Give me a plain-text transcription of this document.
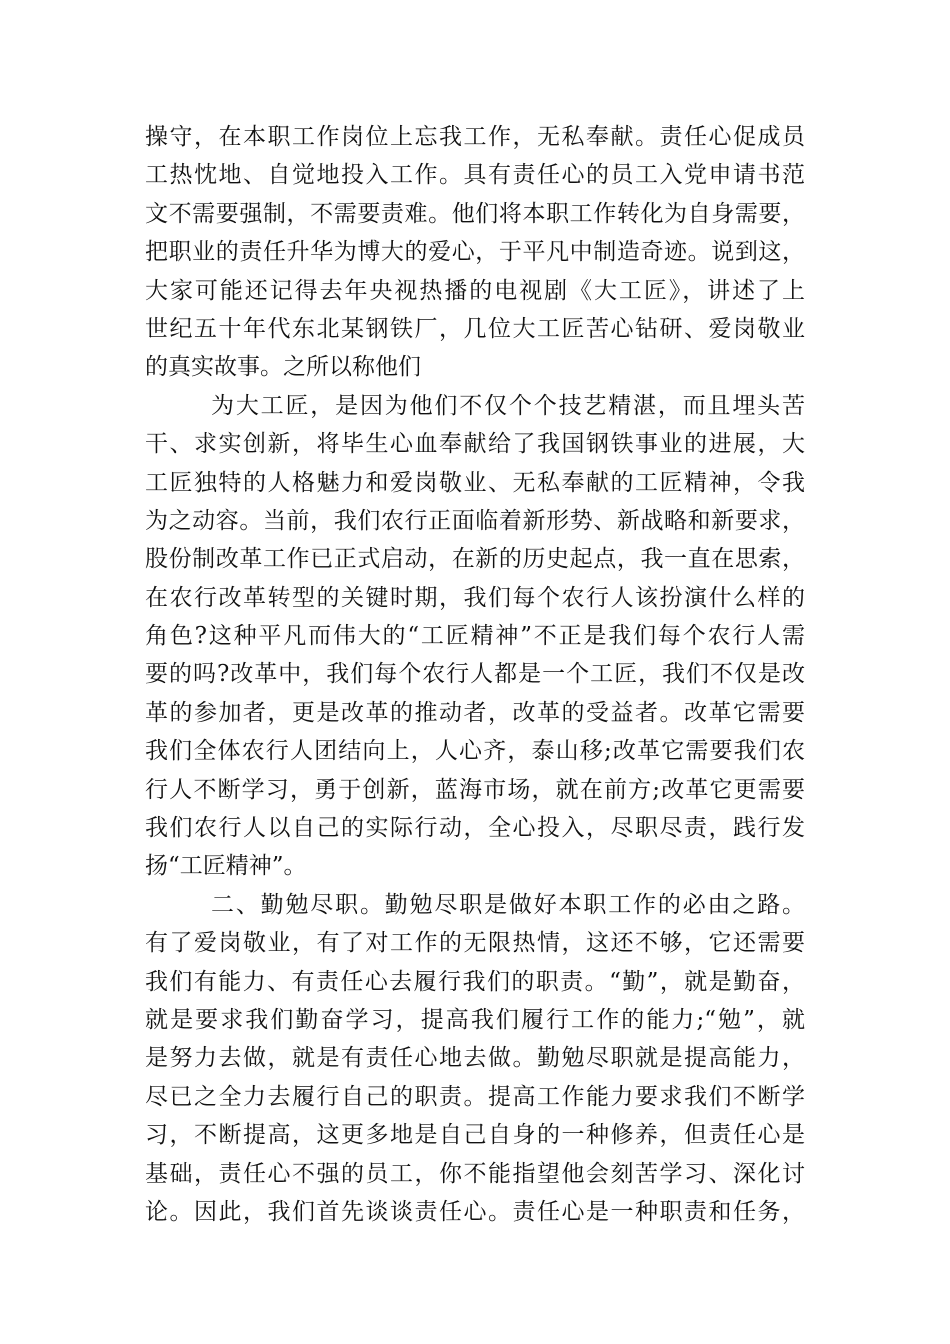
操守，在本职工作岗位上忘我工作，无私奉献。责任心促成员
工热忱地、自觉地投入工作。具有责任心的员工入党申请书范
文不需要强制，不需要责难。他们将本职工作转化为自身需要，
把职业的责任升华为博大的爱心，于平凡中制造奇迹。说到这，
大家可能还记得去年央视热播的电视剧《大工匠》，讲述了上
世纪五十年代东北某钢铁厂，几位大工匠苦心钻研、爱岗敬业
的真实故事。之所以称他们
为大工匠，是因为他们不仅个个技艺精湛，而且埋头苦
干、求实创新，将毕生心血奉献给了我国钢铁事业的进展，大
工匠独特的人格魅力和爱岗敬业、无私奉献的工匠精神，令我
为之动容。当前，我们农行正面临着新形势、新战略和新要求，
股份制改革工作已正式启动，在新的历史起点，我一直在思索，
在农行改革转型的关键时期，我们每个农行人该扮演什么样的
角色?这种平凡而伟大的“工匠精神”不正是我们每个农行人需
要的吗?改革中，我们每个农行人都是一个工匠，我们不仅是改
革的参加者，更是改革的推动者，改革的受益者。改革它需要
我们全体农行人团结向上，人心齐，泰山移;改革它需要我们农
行人不断学习，勇于创新，蓝海市场，就在前方;改革它更需要
我们农行人以自己的实际行动，全心投入，尽职尽责，践行发
扬“工匠精神”。
二、勤勉尽职。勤勉尽职是做好本职工作的必由之路。
有了爱岗敬业，有了对工作的无限热情，这还不够，它还需要
我们有能力、有责任心去履行我们的职责。“勤”，就是勤奋，
就是要求我们勤奋学习，提高我们履行工作的能力;“勉”，就
是努力去做，就是有责任心地去做。勤勉尽职就是提高能力，
尽已之全力去履行自己的职责。提高工作能力要求我们不断学
习，不断提高，这更多地是自己自身的一种修养，但责任心是
基础，责任心不强的员工，你不能指望他会刻苦学习、深化讨
论。因此，我们首先谈谈责任心。责任心是一种职责和任务，
